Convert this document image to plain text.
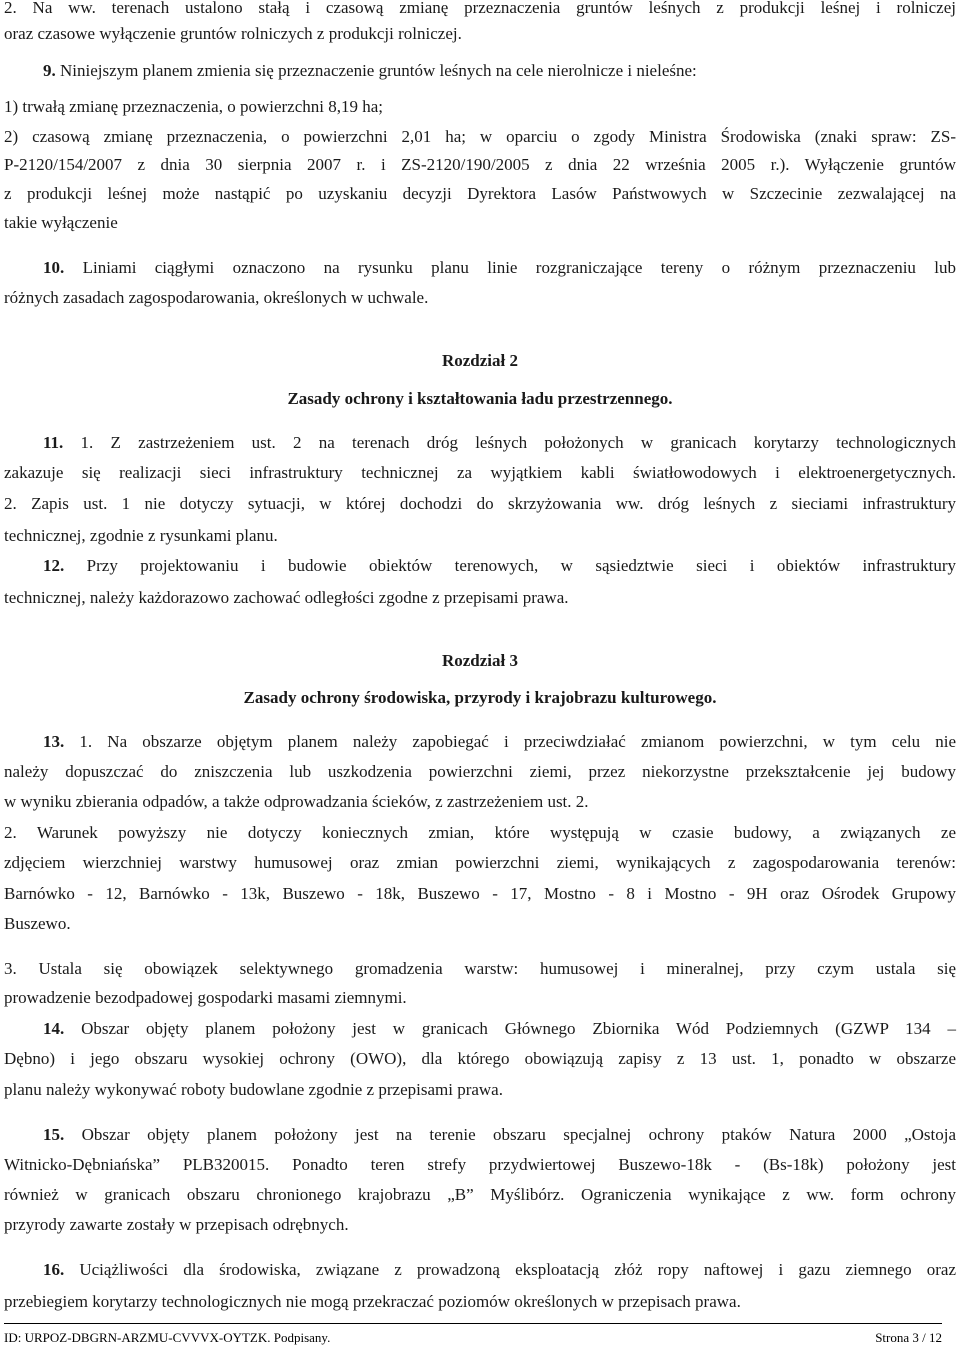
2. Na ww. terenach ustalono stałą i czasową zmianę przeznaczenia gruntów leśnych z produkcji leśnej i rolniczej
oraz czasowe wyłączenie gruntów rolniczych z produkcji rolniczej.
9. Niniejszym planem zmienia się przeznaczenie gruntów leśnych na cele nierolnicze i nieleśne:
1) trwałą zmianę przeznaczenia, o powierzchni 8,19 ha;
2) czasową zmianę przeznaczenia, o powierzchni 2,01 ha; w oparciu o zgody Ministra Środowiska (znaki spraw: ZS-
P-2120/154/2007 z dnia 30 sierpnia 2007 r. i ZS-2120/190/2005 z dnia 22 września 2005 r.). Wyłączenie gruntów
z produkcji leśnej może nastąpić po uzyskaniu decyzji Dyrektora Lasów Państwowych w Szczecinie zezwalającej na
takie wyłączenie
10. Liniami ciągłymi oznaczono na rysunku planu linie rozgraniczające tereny o różnym przeznaczeniu lub
różnych zasadach zagospodarowania, określonych w uchwale.
Rozdział 2
Zasady ochrony i kształtowania ładu przestrzennego.
11. 1. Z zastrzeżeniem ust. 2 na terenach dróg leśnych położonych w granicach korytarzy technologicznych
zakazuje się realizacji sieci infrastruktury technicznej za wyjątkiem kabli światłowodowych i elektroenergetycznych.
2. Zapis ust. 1 nie dotyczy sytuacji, w której dochodzi do skrzyżowania ww. dróg leśnych z sieciami infrastruktury
technicznej, zgodnie z rysunkami planu.
12. Przy projektowaniu i budowie obiektów terenowych, w sąsiedztwie sieci i obiektów infrastruktury
technicznej, należy każdorazowo zachować odległości zgodne z przepisami prawa.
Rozdział 3
Zasady ochrony środowiska, przyrody i krajobrazu kulturowego.
13. 1. Na obszarze objętym planem należy zapobiegać i przeciwdziałać zmianom powierzchni, w tym celu nie
należy dopuszczać do zniszczenia lub uszkodzenia powierzchni ziemi, przez niekorzystne przekształcenie jej budowy
w wyniku zbierania odpadów, a także odprowadzania ścieków, z zastrzeżeniem ust. 2.
2. Warunek powyższy nie dotyczy koniecznych zmian, które występują w czasie budowy, a związanych ze
zdjęciem wierzchniej warstwy humusowej oraz zmian powierzchni ziemi, wynikających z zagospodarowania terenów:
Barnówko - 12, Barnówko - 13k, Buszewo - 18k, Buszewo - 17, Mostno - 8 i Mostno - 9H oraz Ośrodek Grupowy
Buszewo.
3. Ustala się obowiązek selektywnego gromadzenia warstw: humusowej i mineralnej, przy czym ustala się
prowadzenie bezodpadowej gospodarki masami ziemnymi.
14. Obszar objęty planem położony jest w granicach Głównego Zbiornika Wód Podziemnych (GZWP 134 –
Dębno) i jego obszaru wysokiej ochrony (OWO), dla którego obowiązują zapisy z 13 ust. 1, ponadto w obszarze
planu należy wykonywać roboty budowlane zgodnie z przepisami prawa.
15. Obszar objęty planem położony jest na terenie obszaru specjalnej ochrony ptaków Natura 2000 „Ostoja
Witnicko-Dębniańska” PLB320015. Ponadto teren strefy przydwiertowej Buszewo-18k - (Bs-18k) położony jest
również w granicach obszaru chronionego krajobrazu „B” Myślibórz. Ograniczenia wynikające z ww. form ochrony
przyrody zawarte zostały w przepisach odrębnych.
16. Uciążliwości dla środowiska, związane z prowadzoną eksploatacją złóż ropy naftowej i gazu ziemnego oraz
przebiegiem korytarzy technologicznych nie mogą przekraczać poziomów określonych w przepisach prawa.
ID: URPOZ-DBGRN-ARZMU-CVVVX-OYTZK. Podpisany.	Strona 3 / 12
